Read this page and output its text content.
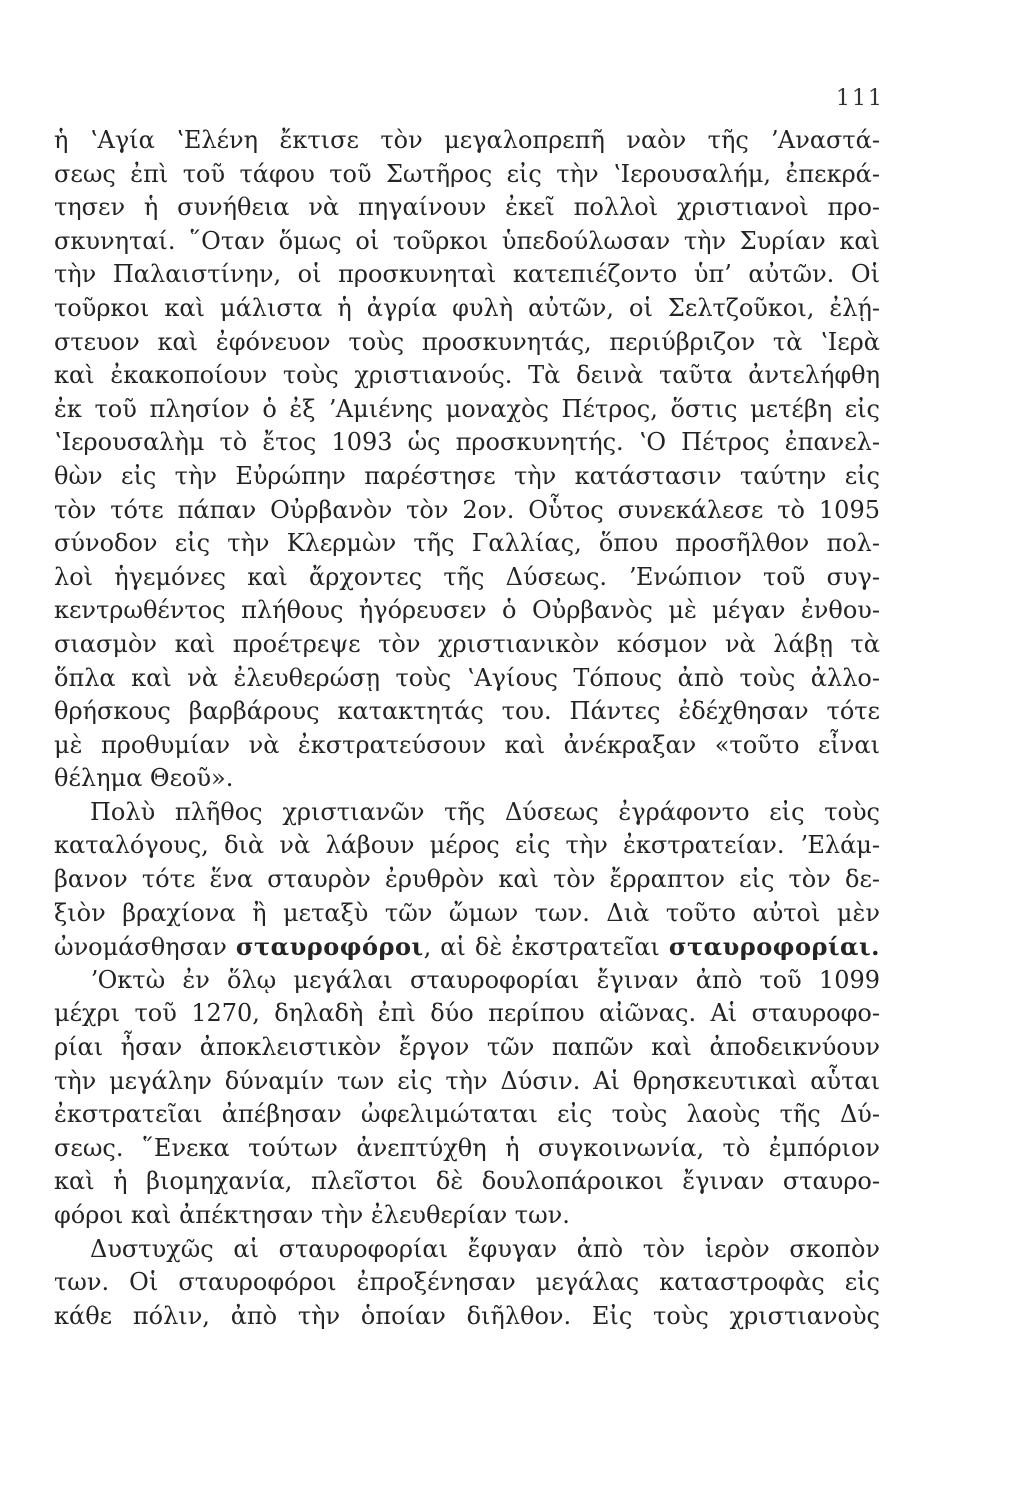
111
ἡ ʽΑγία ʽΕλένη ἔκτισε τὸν μεγαλοπρεπῆ ναὸν τῆς ʼΑναστά-
σεως ἐπὶ τοῦ τάφου τοῦ Σωτῆρος εἰς τὴν ʽΙερουσαλήμ, ἐπεκρά-
τησεν ἡ συνήθεια νὰ πηγαίνουν ἐκεῖ πολλοὶ χριστιανοὶ προ-
σκυνηταί. ῞Οταν ὅμως οἱ τοῦρκοι ὑπεδούλωσαν τὴν Συρίαν καὶ
τὴν Παλαιστίνην, οἱ προσκυνηταὶ κατεπιέζοντο ὑπ’ αὐτῶν. Οἱ
τοῦρκοι καὶ μάλιστα ἡ ἀγρία φυλὴ αὐτῶν, οἱ Σελτζοῦκοι, ἐλῄ-
στευον καὶ ἐφόνευον τοὺς προσκυνητάς, περιύβριζον τὰ ʽΙερὰ
καὶ ἐκακοποίουν τοὺς χριστιανούς. Τὰ δεινὰ ταῦτα ἀντελήφθη
ἐκ τοῦ πλησίον ὁ ἐξ ʼΑμιένης μοναχὸς Πέτρος, ὅστις μετέβη εἰς
ʽΙερουσαλὴμ τὸ ἔτος 1093 ὡς προσκυνητής. ʽΟ Πέτρος ἐπανελ-
θὼν εἰς τὴν Εὐρώπην παρέστησε τὴν κατάστασιν ταύτην εἰς
τὸν τότε πάπαν Οὐρβανὸν τὸν 2ον. Οὗτος συνεκάλεσε τὸ 1095
σύνοδον εἰς τὴν Κλερμὼν τῆς Γαλλίας, ὅπου προσῆλθον πολ-
λοὶ ἡγεμόνες καὶ ἄρχοντες τῆς Δύσεως. ʼΕνώπιον τοῦ συγ-
κεντρωθέντος πλήθους ἠγόρευσεν ὁ Οὐρβανὸς μὲ μέγαν ἐνθου-
σιασμὸν καὶ προέτρεψε τὸν χριστιανικὸν κόσμον νὰ λάβῃ τὰ
ὅπλα καὶ νὰ ἐλευθερώσῃ τοὺς ʽΑγίους Τόπους ἀπὸ τοὺς ἀλλο-
θρήσκους βαρβάρους κατακτητάς του. Πάντες ἐδέχθησαν τότε
μὲ προθυμίαν νὰ ἐκστρατεύσουν καὶ ἀνέκραξαν «τοῦτο εἶναι
θέλημα Θεοῦ».
Πολὺ πλῆθος χριστιανῶν τῆς Δύσεως ἐγράφοντο εἰς τοὺς
καταλόγους, διὰ νὰ λάβουν μέρος εἰς τὴν ἐκστρατείαν. ʼΕλάμ-
βανον τότε ἕνα σταυρὸν ἐρυθρὸν καὶ τὸν ἔρραπτον εἰς τὸν δε-
ξιὸν βραχίονα ἢ μεταξὺ τῶν ὤμων των. Διὰ τοῦτο αὐτοὶ μὲν
ὠνομάσθησαν σταυροφόροι, αἱ δὲ ἐκστρατεῖαι σταυροφορίαι.
ʼΟκτὼ ἐν ὅλῳ μεγάλαι σταυροφορίαι ἔγιναν ἀπὸ τοῦ 1099
μέχρι τοῦ 1270, δηλαδὴ ἐπὶ δύο περίπου αἰῶνας. Αἱ σταυροφο-
ρίαι ἦσαν ἀποκλειστικὸν ἔργον τῶν παπῶν καὶ ἀποδεικνύουν
τὴν μεγάλην δύναμίν των εἰς τὴν Δύσιν. Αἱ θρησκευτικαὶ αὗται
ἐκστρατεῖαι ἀπέβησαν ὠφελιμώταται εἰς τοὺς λαοὺς τῆς Δύ-
σεως. ῞Ενεκα τούτων ἀνεπτύχθη ἡ συγκοινωνία, τὸ ἐμπόριον
καὶ ἡ βιομηχανία, πλεῖστοι δὲ δουλοπάροικοι ἔγιναν σταυρο-
φόροι καὶ ἀπέκτησαν τὴν ἐλευθερίαν των.
Δυστυχῶς αἱ σταυροφορίαι ἔφυγαν ἀπὸ τὸν ἱερὸν σκοπὸν
των. Οἱ σταυροφόροι ἐπροξένησαν μεγάλας καταστροφὰς εἰς
κάθε πόλιν, ἀπὸ τὴν ὁποίαν διῆλθον. Εἰς τοὺς χριστιανοὺς
